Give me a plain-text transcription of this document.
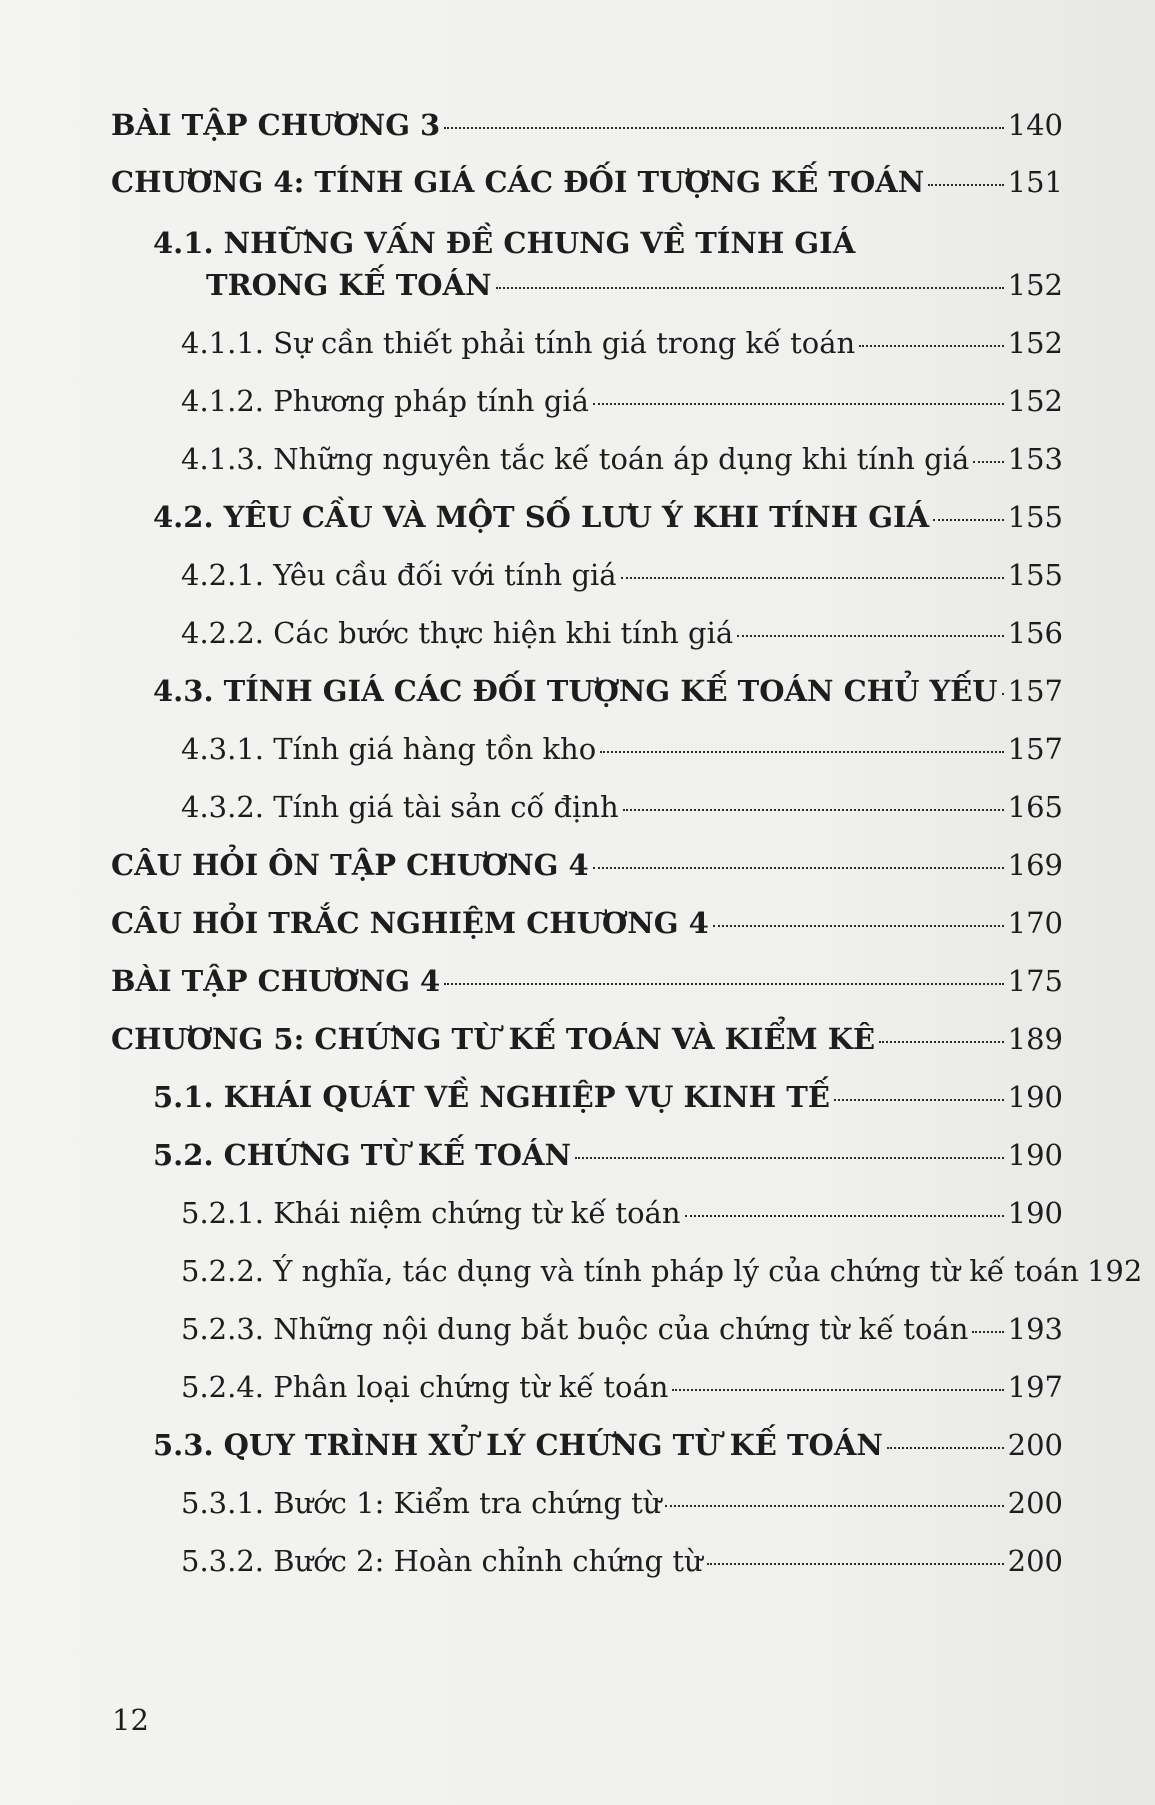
BÀI TẬP CHƯƠNG 3	140
CHƯƠNG 4: TÍNH GIÁ CÁC ĐỐI TƯỢNG KẾ TOÁN	151
4.1. NHỮNG VẤN ĐỀ CHUNG VỀ TÍNH GIÁ
TRONG KẾ TOÁN	152
4.1.1. Sự cần thiết phải tính giá trong kế toán	152
4.1.2. Phương pháp tính giá	152
4.1.3. Những nguyên tắc kế toán áp dụng khi tính giá 153
4.2. YÊU CẦU VÀ MỘT SỐ LƯU Ý KHI TÍNH GIÁ	155
4.2.1. Yêu cầu đối với tính giá	155
4.2.2. Các bước thực hiện khi tính giá	156
4.3. TÍNH GIÁ CÁC ĐỐI TƯỢNG KẾ TOÁN CHỦ YẾU 157
4.3.1. Tính giá hàng tồn kho	157
4.3.2. Tính giá tài sản cố định	165
CÂU HỎI ÔN TẬP CHƯƠNG 4	169
CÂU HỎI TRẮC NGHIỆM CHƯƠNG 4	170
BÀI TẬP CHƯƠNG 4	175
CHƯƠNG 5: CHỨNG TỪ KẾ TOÁN VÀ KIỂM KÊ	189
5.1. KHÁI QUÁT VỀ NGHIỆP VỤ KINH TẾ	190
5.2. CHỨNG TỪ KẾ TOÁN	190
5.2.1. Khái niệm chứng từ kế toán	190
5.2.2. Ý nghĩa, tác dụng và tính pháp lý của chứng từ kế toán 192
5.2.3. Những nội dung bắt buộc của chứng từ kế toán 193
5.2.4. Phân loại chứng từ kế toán	197
5.3. QUY TRÌNH XỬ LÝ CHỨNG TỪ KẾ TOÁN	200
5.3.1. Bước 1: Kiểm tra chứng từ	200
5.3.2. Bước 2: Hoàn chỉnh chứng từ	200
12
